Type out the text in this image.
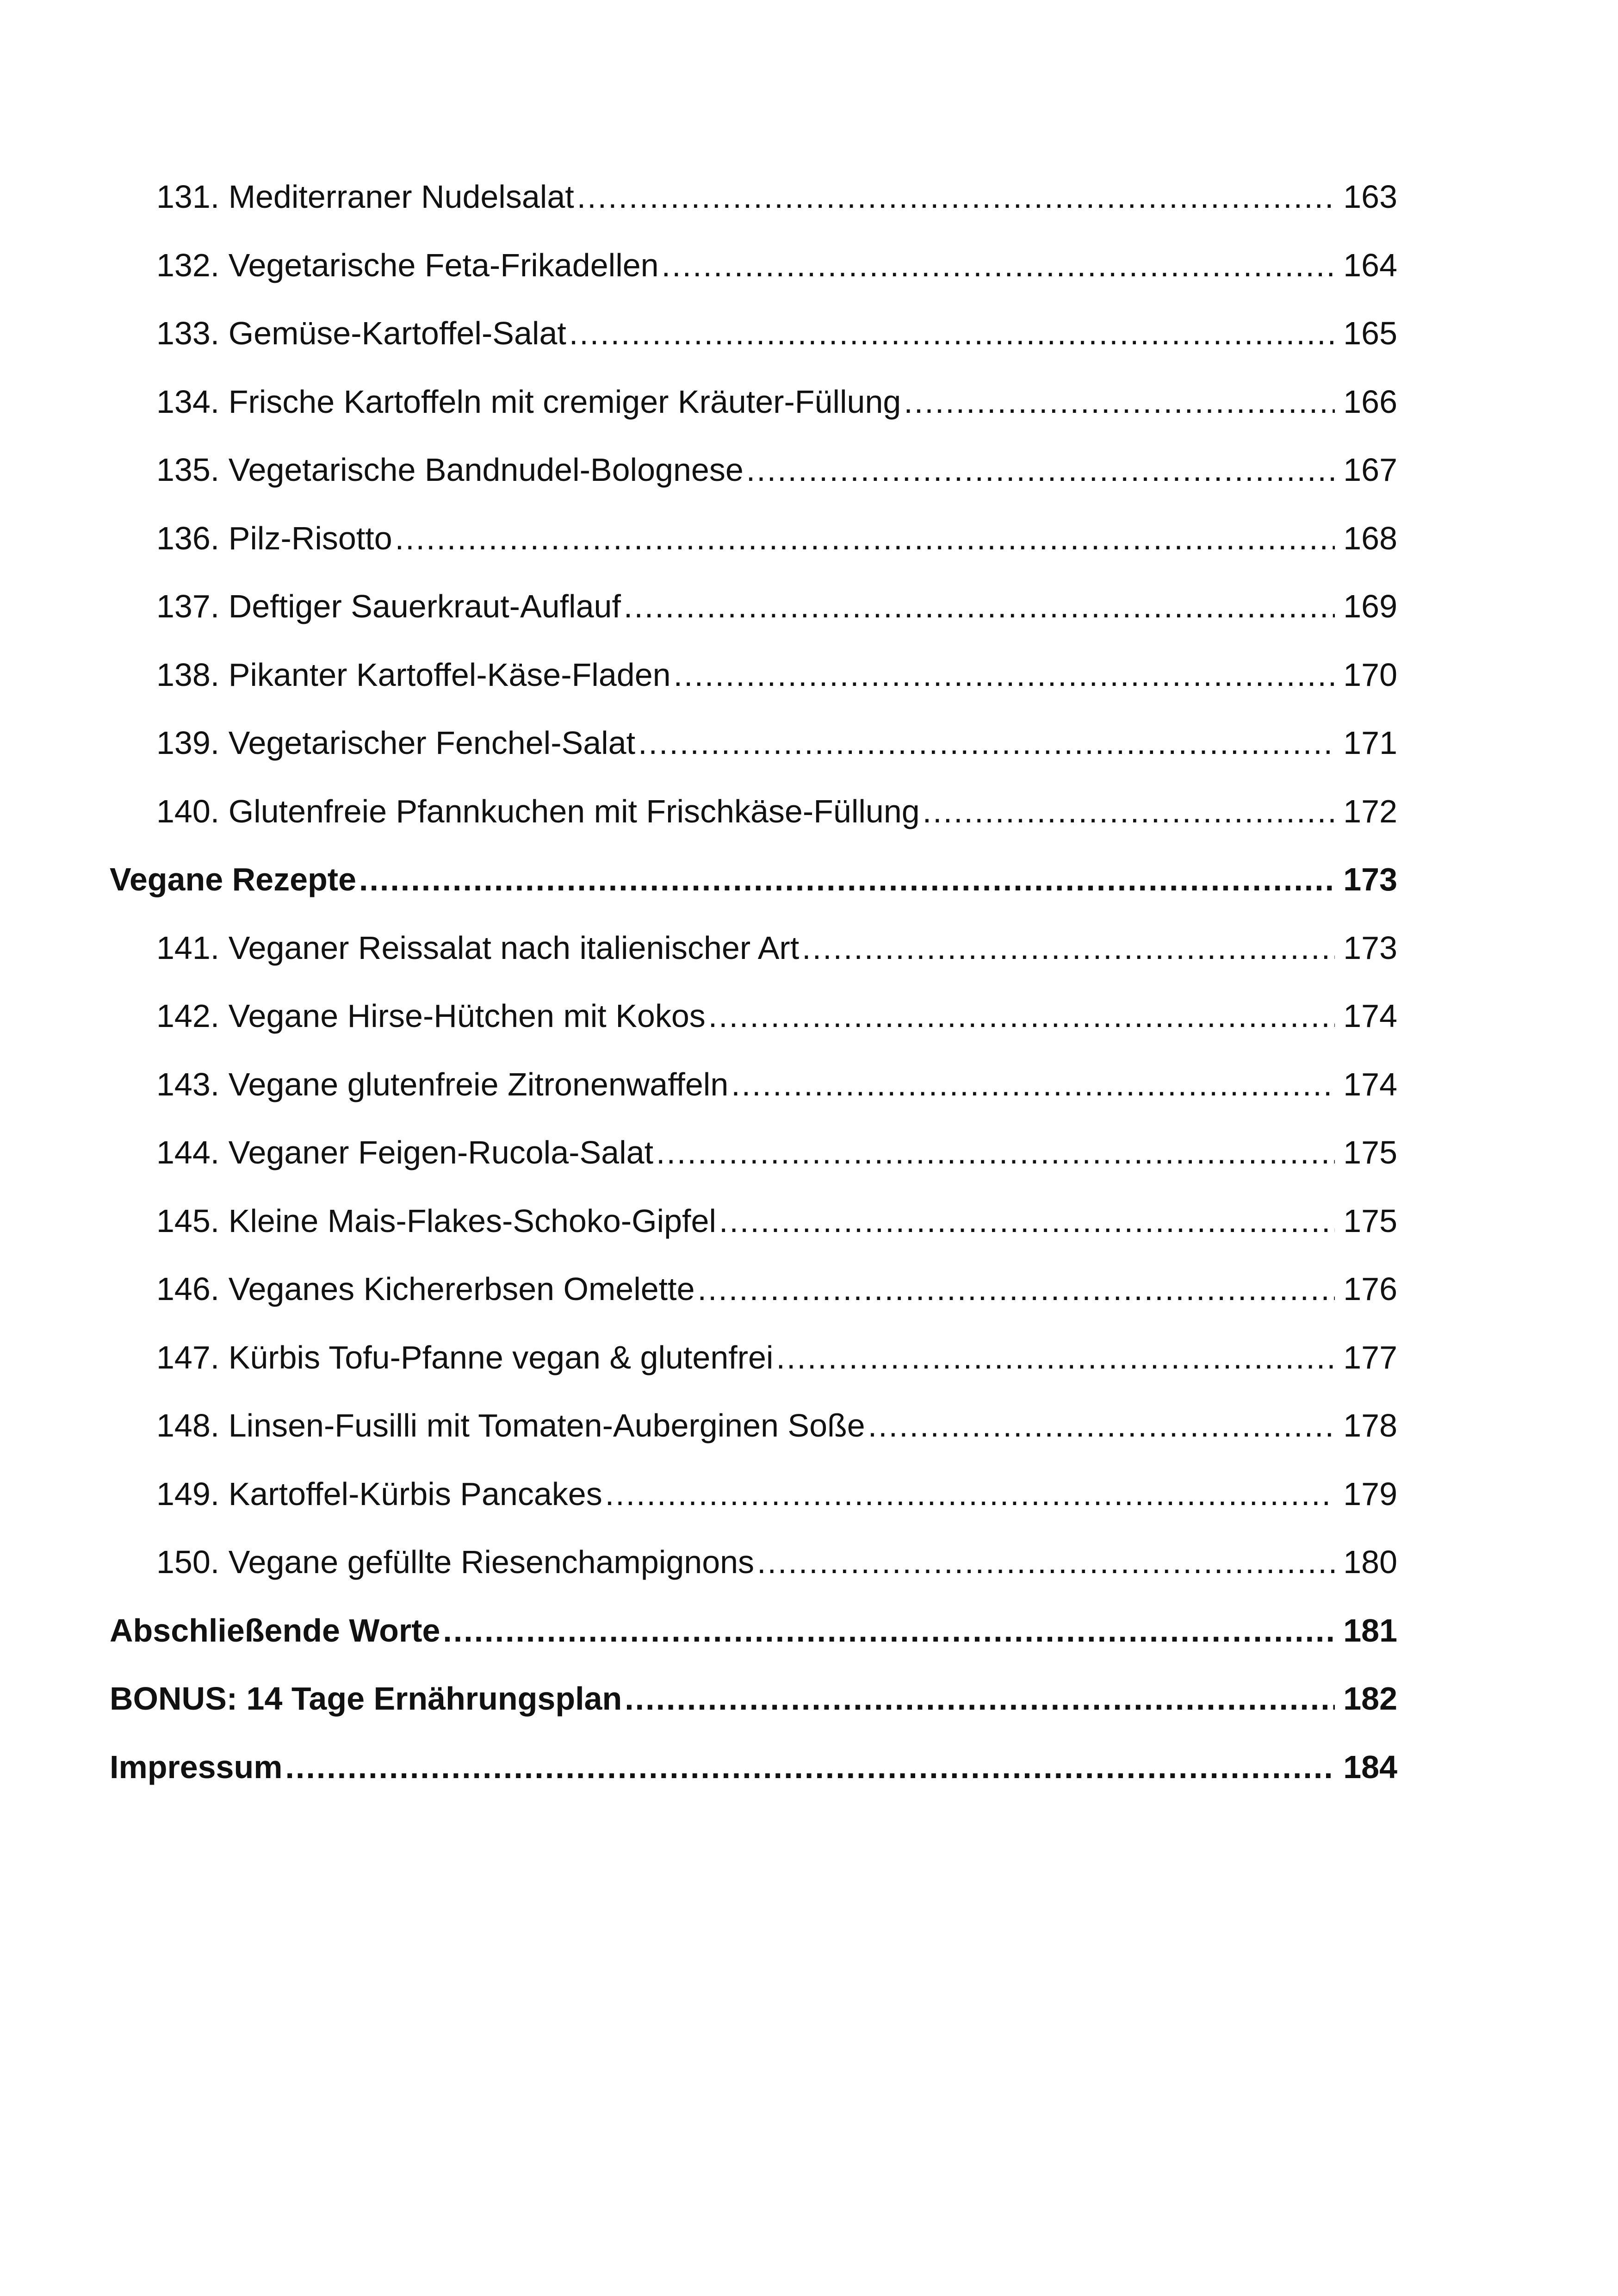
131. Mediterraner Nudelsalat .....	163
132. Vegetarische Feta-Frikadellen .....	164
133. Gemüse-Kartoffel-Salat .....	165
134. Frische Kartoffeln mit cremiger Kräuter-Füllung .....	166
135. Vegetarische Bandnudel-Bolognese .....	167
136. Pilz-Risotto .....	168
137. Deftiger Sauerkraut-Auflauf .....	169
138. Pikanter Kartoffel-Käse-Fladen .....	170
139. Vegetarischer Fenchel-Salat .....	171
140. Glutenfreie Pfannkuchen mit Frischkäse-Füllung .....	172
Vegane Rezepte .....	173
141. Veganer Reissalat nach italienischer Art .....	173
142. Vegane Hirse-Hütchen mit Kokos .....	174
143. Vegane glutenfreie Zitronenwaffeln .....	174
144. Veganer Feigen-Rucola-Salat .....	175
145. Kleine Mais-Flakes-Schoko-Gipfel .....	175
146. Veganes Kichererbsen Omelette .....	176
147. Kürbis Tofu-Pfanne vegan & glutenfrei .....	177
148. Linsen-Fusilli mit Tomaten-Auberginen Soße .....	178
149. Kartoffel-Kürbis Pancakes .....	179
150. Vegane gefüllte Riesenchampignons .....	180
Abschließende Worte .....	181
BONUS: 14 Tage Ernährungsplan .....	182
Impressum .....	184
